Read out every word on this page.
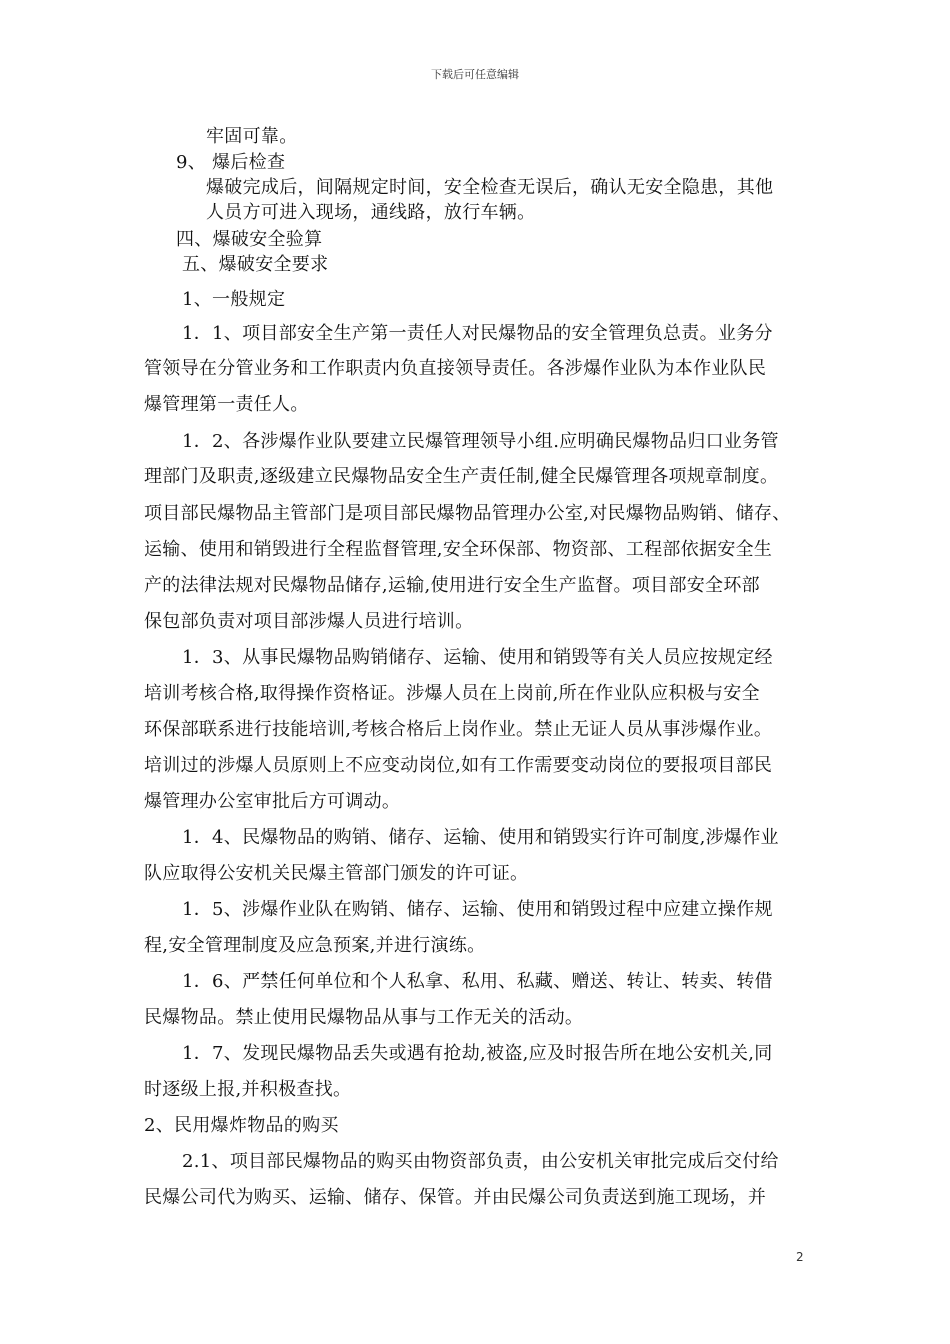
下载后可任意编辑
牢固可靠。
9、 爆后检查
爆破完成后，间隔规定时间，安全检查无误后，确认无安全隐患，其他
人员方可进入现场，通线路，放行车辆。
四、爆破安全验算
五、爆破安全要求
1、一般规定
1．1、项目部安全生产第一责任人对民爆物品的安全管理负总责。业务分
管领导在分管业务和工作职责内负直接领导责任。各涉爆作业队为本作业队民
爆管理第一责任人。
1．2、各涉爆作业队要建立民爆管理领导小组.应明确民爆物品归口业务管
理部门及职责,逐级建立民爆物品安全生产责任制,健全民爆管理各项规章制度。
项目部民爆物品主管部门是项目部民爆物品管理办公室,对民爆物品购销、储存、
运输、使用和销毁进行全程监督管理,安全环保部、物资部、工程部依据安全生
产的法律法规对民爆物品储存,运输,使用进行安全生产监督。项目部安全环部
保包部负责对项目部涉爆人员进行培训。
1．3、从事民爆物品购销储存、运输、使用和销毁等有关人员应按规定经
培训考核合格,取得操作资格证。涉爆人员在上岗前,所在作业队应积极与安全
环保部联系进行技能培训,考核合格后上岗作业。禁止无证人员从事涉爆作业。
培训过的涉爆人员原则上不应变动岗位,如有工作需要变动岗位的要报项目部民
爆管理办公室审批后方可调动。
1．4、民爆物品的购销、储存、运输、使用和销毁实行许可制度,涉爆作业
队应取得公安机关民爆主管部门颁发的许可证。
1．5、涉爆作业队在购销、储存、运输、使用和销毁过程中应建立操作规
程,安全管理制度及应急预案,并进行演练。
1．6、严禁任何单位和个人私拿、私用、私藏、赠送、转让、转卖、转借
民爆物品。禁止使用民爆物品从事与工作无关的活动。
1．7、发现民爆物品丢失或遇有抢劫,被盗,应及时报告所在地公安机关,同
时逐级上报,并积极查找。
2、民用爆炸物品的购买
2.1、项目部民爆物品的购买由物资部负责，由公安机关审批完成后交付给
民爆公司代为购买、运输、储存、保管。并由民爆公司负责送到施工现场，并
2
